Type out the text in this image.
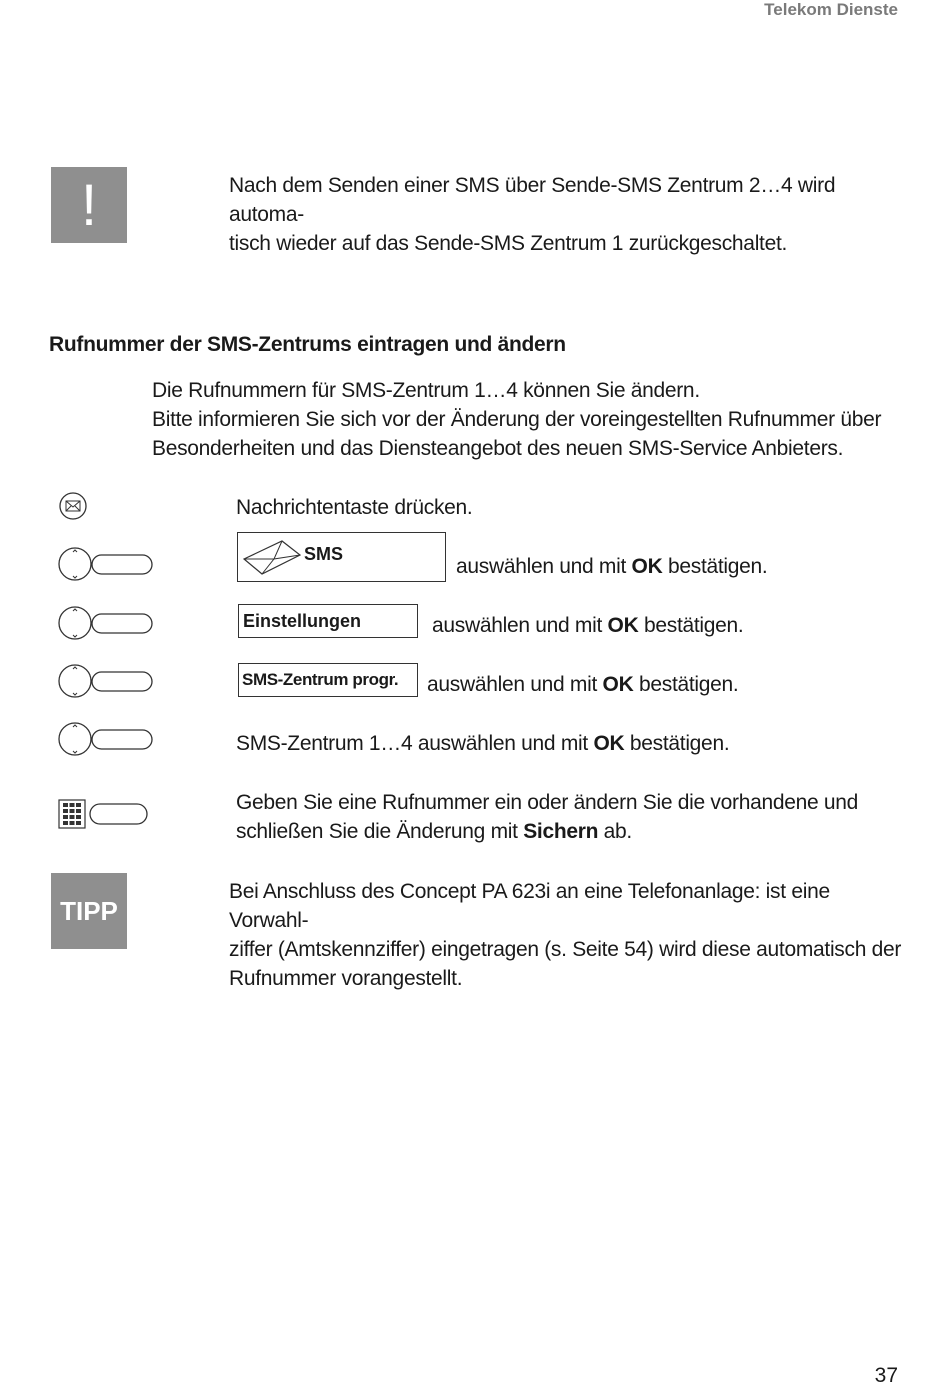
Telekom Dienste
!	Nach dem Senden einer SMS über Sende-SMS Zentrum 2…4 wird automa-
tisch wieder auf das Sende-SMS Zentrum 1 zurückgeschaltet.
Rufnummer der SMS-Zentrums eintragen und ändern
Die Rufnummern für SMS-Zentrum 1…4 können Sie ändern.
Bitte informieren Sie sich vor der Änderung der voreingestellten Rufnummer über
Besonderheiten und das Diensteangebot des neuen SMS-Service Anbieters.
Nachrichtentaste drücken.
SMS
auswählen und mit OK bestätigen.
Einstellungen	auswählen und mit OK bestätigen.
SMS-Zentrum progr.	auswählen und mit OK bestätigen.
SMS-Zentrum 1…4 auswählen und mit OK bestätigen.
Geben Sie eine Rufnummer ein oder ändern Sie die vorhandene und
schließen Sie die Änderung mit Sichern ab.
TIPP
Bei Anschluss des Concept PA 623i an eine Telefonanlage: ist eine Vorwahl-
ziffer (Amtskennziffer) eingetragen (s. Seite 54) wird diese automatisch der
Rufnummer vorangestellt.
37
